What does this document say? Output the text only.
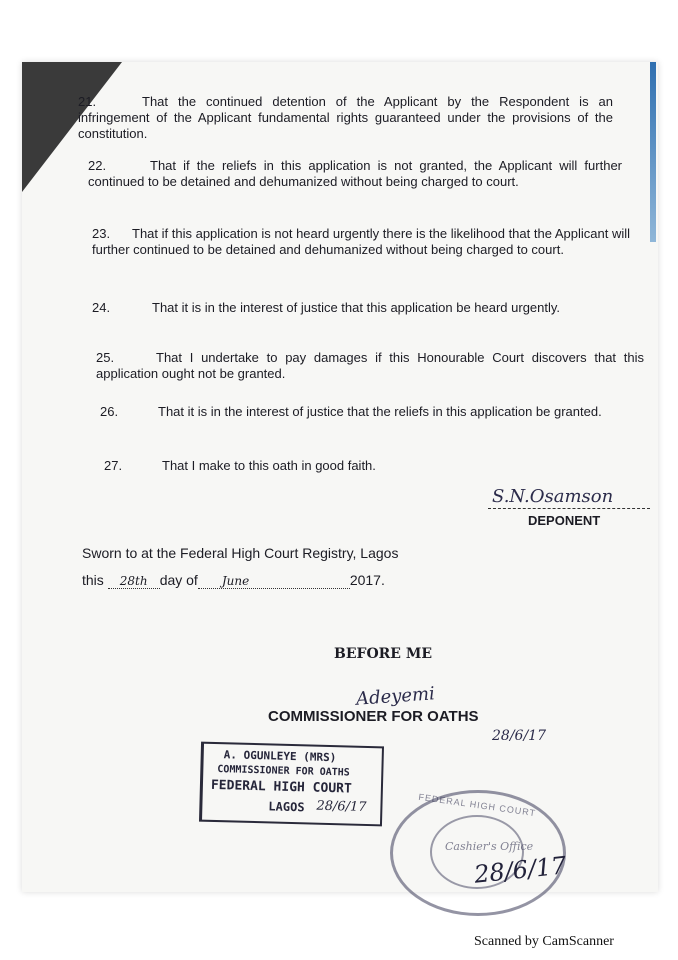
21.	That the continued detention of the Applicant by the Respondent is an infringement of the Applicant fundamental rights guaranteed under the provisions of the constitution.
22.	That if the reliefs in this application is not granted, the Applicant will further continued to be detained and dehumanized without being charged to court.
23. That if this application is not heard urgently there is the likelihood that the Applicant will further continued to be detained and dehumanized without being charged to court.
24.	That it is in the interest of justice that this application be heard urgently.
25.	That I undertake to pay damages if this Honourable Court discovers that this application ought not be granted.
26.	That it is in the interest of justice that the reliefs in this application be granted.
27.	That I make to this oath in good faith.
S.N.Osamson
DEPONENT
Sworn to at the Federal High Court Registry, Lagos
this 28th day of June	2017.
BEFORE ME
Adeyemi
COMMISSIONER FOR OATHS
28/6/17
A. OGUNLEYE (MRS)
COMMISSIONER FOR OATHS
FEDERAL HIGH COURT
LAGOS 28/6/17	FEDERAL HIGH COURT
Cashier's Office
28/6/17
Scanned by CamScanner
